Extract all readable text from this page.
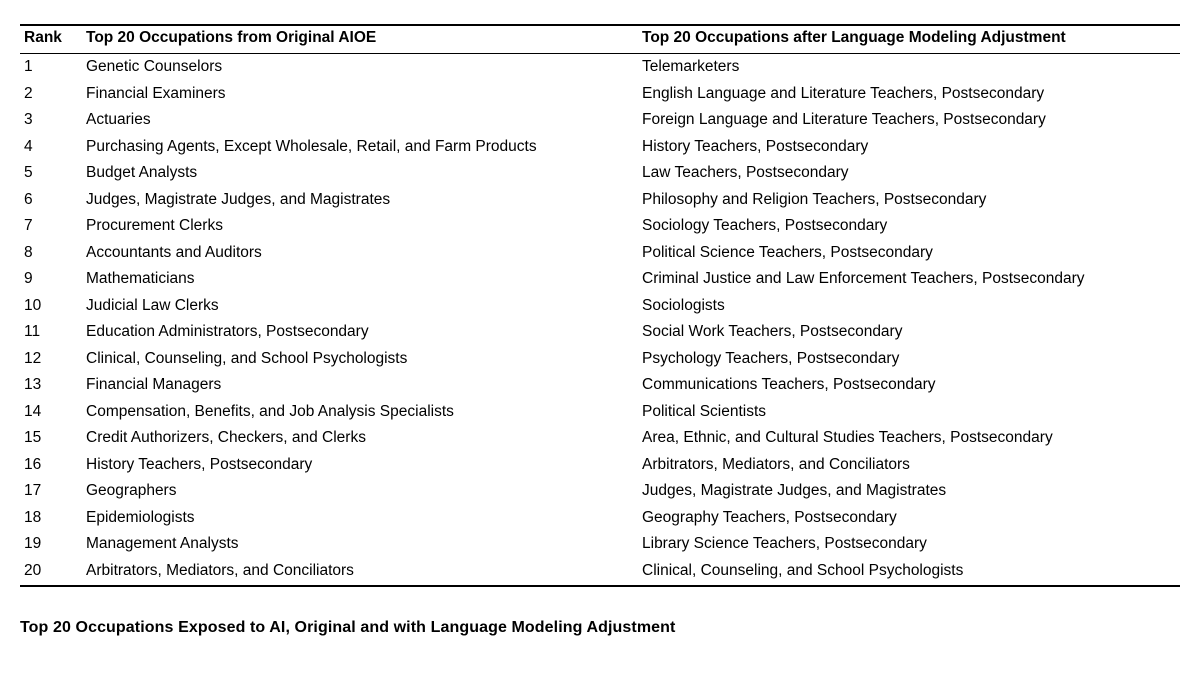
Rank	Top 20 Occupations from Original AIOE	Top 20 Occupations after Language Modeling Adjustment
1	Genetic Counselors	Telemarketers
2	Financial Examiners	English Language and Literature Teachers, Postsecondary
3	Actuaries	Foreign Language and Literature Teachers, Postsecondary
4	Purchasing Agents, Except Wholesale, Retail, and Farm Products	History Teachers, Postsecondary
5	Budget Analysts	Law Teachers, Postsecondary
6	Judges, Magistrate Judges, and Magistrates	Philosophy and Religion Teachers, Postsecondary
7	Procurement Clerks	Sociology Teachers, Postsecondary
8	Accountants and Auditors	Political Science Teachers, Postsecondary
9	Mathematicians	Criminal Justice and Law Enforcement Teachers, Postsecondary
10	Judicial Law Clerks	Sociologists
11	Education Administrators, Postsecondary	Social Work Teachers, Postsecondary
12	Clinical, Counseling, and School Psychologists	Psychology Teachers, Postsecondary
13	Financial Managers	Communications Teachers, Postsecondary
14	Compensation, Benefits, and Job Analysis Specialists	Political Scientists
15	Credit Authorizers, Checkers, and Clerks	Area, Ethnic, and Cultural Studies Teachers, Postsecondary
16	History Teachers, Postsecondary	Arbitrators, Mediators, and Conciliators
17	Geographers	Judges, Magistrate Judges, and Magistrates
18	Epidemiologists	Geography Teachers, Postsecondary
19	Management Analysts	Library Science Teachers, Postsecondary
20	Arbitrators, Mediators, and Conciliators	Clinical, Counseling, and School Psychologists
Top 20 Occupations Exposed to AI, Original and with Language Modeling Adjustment
